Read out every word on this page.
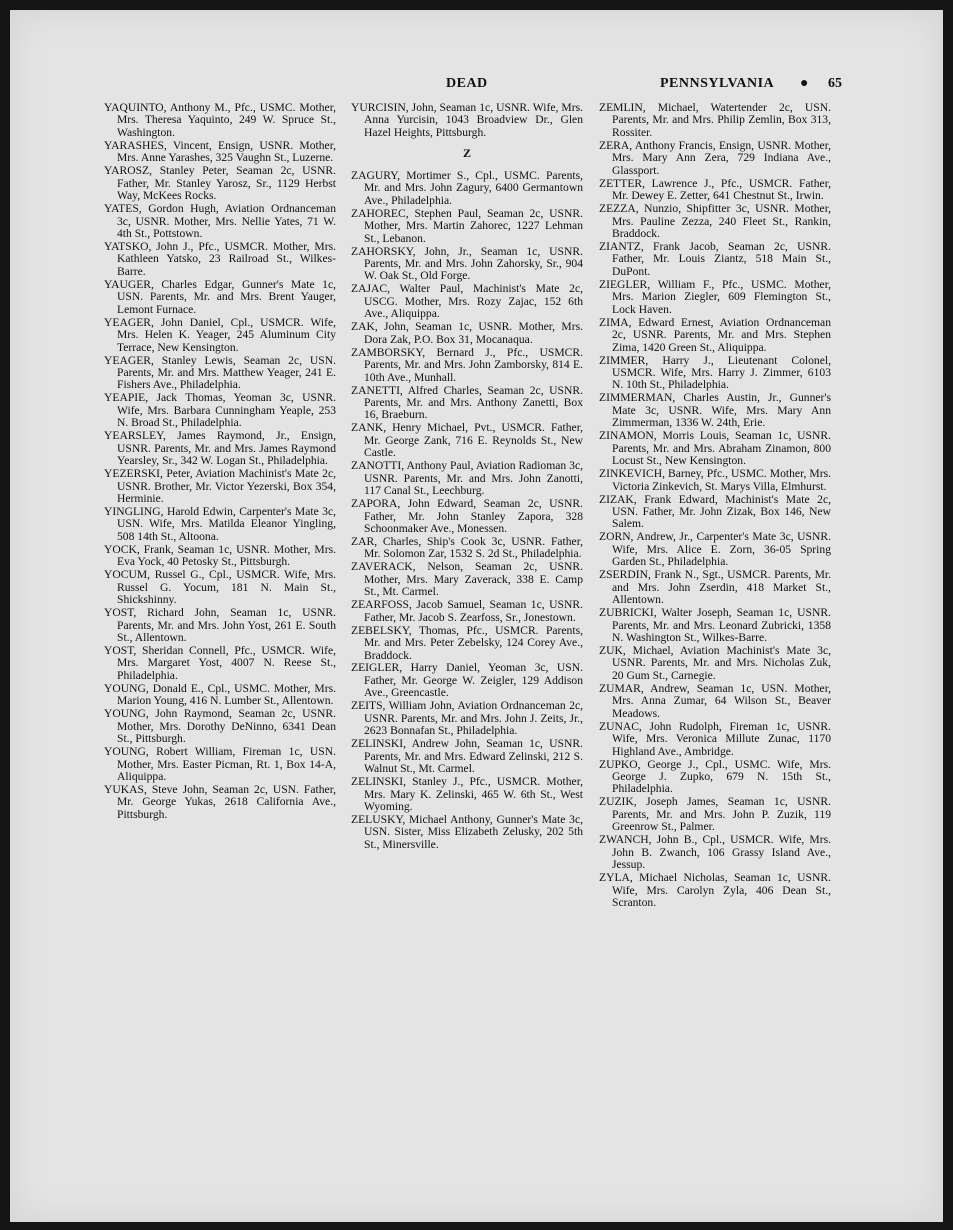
DEAD	PENNSYLVANIA ● 65
YAQUINTO, Anthony M., Pfc., USMC. Mother, Mrs. Theresa Yaquinto, 249 W. Spruce St., Washington.
YARASHES, Vincent, Ensign, USNR. Mother, Mrs. Anne Yarashes, 325 Vaughn St., Luzerne.
YAROSZ, Stanley Peter, Seaman 2c, USNR. Father, Mr. Stanley Yarosz, Sr., 1129 Herbst Way, McKees Rocks.
YATES, Gordon Hugh, Aviation Ordnanceman 3c, USNR. Mother, Mrs. Nellie Yates, 71 W. 4th St., Pottstown.
YATSKO, John J., Pfc., USMCR. Mother, Mrs. Kathleen Yatsko, 23 Railroad St., Wilkes-Barre.
YAUGER, Charles Edgar, Gunner's Mate 1c, USN. Parents, Mr. and Mrs. Brent Yauger, Lemont Furnace.
YEAGER, John Daniel, Cpl., USMCR. Wife, Mrs. Helen K. Yeager, 245 Aluminum City Terrace, New Kensington.
YEAGER, Stanley Lewis, Seaman 2c, USN. Parents, Mr. and Mrs. Matthew Yeager, 241 E. Fishers Ave., Philadelphia.
YEAPIE, Jack Thomas, Yeoman 3c, USNR. Wife, Mrs. Barbara Cunningham Yeaple, 253 N. Broad St., Philadelphia.
YEARSLEY, James Raymond, Jr., Ensign, USNR. Parents, Mr. and Mrs. James Raymond Yearsley, Sr., 342 W. Logan St., Philadelphia.
YEZERSKI, Peter, Aviation Machinist's Mate 2c, USNR. Brother, Mr. Victor Yezerski, Box 354, Herminie.
YINGLING, Harold Edwin, Carpenter's Mate 3c, USN. Wife, Mrs. Matilda Eleanor Yingling, 508 14th St., Altoona.
YOCK, Frank, Seaman 1c, USNR. Mother, Mrs. Eva Yock, 40 Petosky St., Pittsburgh.
YOCUM, Russel G., Cpl., USMCR. Wife, Mrs. Russel G. Yocum, 181 N. Main St., Shickshinny.
YOST, Richard John, Seaman 1c, USNR. Parents, Mr. and Mrs. John Yost, 261 E. South St., Allentown.
YOST, Sheridan Connell, Pfc., USMCR. Wife, Mrs. Margaret Yost, 4007 N. Reese St., Philadelphia.
YOUNG, Donald E., Cpl., USMC. Mother, Mrs. Marion Young, 416 N. Lumber St., Allentown.
YOUNG, John Raymond, Seaman 2c, USNR. Mother, Mrs. Dorothy DeNinno, 6341 Dean St., Pittsburgh.
YOUNG, Robert William, Fireman 1c, USN. Mother, Mrs. Easter Picman, Rt. 1, Box 14-A, Aliquippa.
YUKAS, Steve John, Seaman 2c, USN. Father, Mr. George Yukas, 2618 California Ave., Pittsburgh.
YURCISIN, John, Seaman 1c, USNR. Wife, Mrs. Anna Yurcisin, 1043 Broadview Dr., Glen Hazel Heights, Pittsburgh.
Z
ZAGURY, Mortimer S., Cpl., USMC. Parents, Mr. and Mrs. John Zagury, 6400 Germantown Ave., Philadelphia.
ZAHOREC, Stephen Paul, Seaman 2c, USNR. Mother, Mrs. Martin Zahorec, 1227 Lehman St., Lebanon.
ZAHORSKY, John, Jr., Seaman 1c, USNR. Parents, Mr. and Mrs. John Zahorsky, Sr., 904 W. Oak St., Old Forge.
ZAJAC, Walter Paul, Machinist's Mate 2c, USCG. Mother, Mrs. Rozy Zajac, 152 6th Ave., Aliquippa.
ZAK, John, Seaman 1c, USNR. Mother, Mrs. Dora Zak, P.O. Box 31, Mocanaqua.
ZAMBORSKY, Bernard J., Pfc., USMCR. Parents, Mr. and Mrs. John Zamborsky, 814 E. 10th Ave., Munhall.
ZANETTI, Alfred Charles, Seaman 2c, USNR. Parents, Mr. and Mrs. Anthony Zanetti, Box 16, Braeburn.
ZANK, Henry Michael, Pvt., USMCR. Father, Mr. George Zank, 716 E. Reynolds St., New Castle.
ZANOTTI, Anthony Paul, Aviation Radioman 3c, USNR. Parents, Mr. and Mrs. John Zanotti, 117 Canal St., Leechburg.
ZAPORA, John Edward, Seaman 2c, USNR. Father, Mr. John Stanley Zapora, 328 Schoonmaker Ave., Monessen.
ZAR, Charles, Ship's Cook 3c, USNR. Father, Mr. Solomon Zar, 1532 S. 2d St., Philadelphia.
ZAVERACK, Nelson, Seaman 2c, USNR. Mother, Mrs. Mary Zaverack, 338 E. Camp St., Mt. Carmel.
ZEARFOSS, Jacob Samuel, Seaman 1c, USNR. Father, Mr. Jacob S. Zearfoss, Sr., Jonestown.
ZEBELSKY, Thomas, Pfc., USMCR. Parents, Mr. and Mrs. Peter Zebelsky, 124 Corey Ave., Braddock.
ZEIGLER, Harry Daniel, Yeoman 3c, USN. Father, Mr. George W. Zeigler, 129 Addison Ave., Greencastle.
ZEITS, William John, Aviation Ordnanceman 2c, USNR. Parents, Mr. and Mrs. John J. Zeits, Jr., 2623 Bonnafan St., Philadelphia.
ZELINSKI, Andrew John, Seaman 1c, USNR. Parents, Mr. and Mrs. Edward Zelinski, 212 S. Walnut St., Mt. Carmel.
ZELINSKI, Stanley J., Pfc., USMCR. Mother, Mrs. Mary K. Zelinski, 465 W. 6th St., West Wyoming.
ZELUSKY, Michael Anthony, Gunner's Mate 3c, USN. Sister, Miss Elizabeth Zelusky, 202 5th St., Minersville.
ZEMLIN, Michael, Watertender 2c, USN. Parents, Mr. and Mrs. Philip Zemlin, Box 313, Rossiter.
ZERA, Anthony Francis, Ensign, USNR. Mother, Mrs. Mary Ann Zera, 729 Indiana Ave., Glassport.
ZETTER, Lawrence J., Pfc., USMCR. Father, Mr. Dewey E. Zetter, 641 Chestnut St., Irwin.
ZEZZA, Nunzio, Shipfitter 3c, USNR. Mother, Mrs. Pauline Zezza, 240 Fleet St., Rankin, Braddock.
ZIANTZ, Frank Jacob, Seaman 2c, USNR. Father, Mr. Louis Ziantz, 518 Main St., DuPont.
ZIEGLER, William F., Pfc., USMC. Mother, Mrs. Marion Ziegler, 609 Flemington St., Lock Haven.
ZIMA, Edward Ernest, Aviation Ordnanceman 2c, USNR. Parents, Mr. and Mrs. Stephen Zima, 1420 Green St., Aliquippa.
ZIMMER, Harry J., Lieutenant Colonel, USMCR. Wife, Mrs. Harry J. Zimmer, 6103 N. 10th St., Philadelphia.
ZIMMERMAN, Charles Austin, Jr., Gunner's Mate 3c, USNR. Wife, Mrs. Mary Ann Zimmerman, 1336 W. 24th, Erie.
ZINAMON, Morris Louis, Seaman 1c, USNR. Parents, Mr. and Mrs. Abraham Zinamon, 800 Locust St., New Kensington.
ZINKEVICH, Barney, Pfc., USMC. Mother, Mrs. Victoria Zinkevich, St. Marys Villa, Elmhurst.
ZIZAK, Frank Edward, Machinist's Mate 2c, USN. Father, Mr. John Zizak, Box 146, New Salem.
ZORN, Andrew, Jr., Carpenter's Mate 3c, USNR. Wife, Mrs. Alice E. Zorn, 36-05 Spring Garden St., Philadelphia.
ZSERDIN, Frank N., Sgt., USMCR. Parents, Mr. and Mrs. John Zserdin, 418 Market St., Allentown.
ZUBRICKI, Walter Joseph, Seaman 1c, USNR. Parents, Mr. and Mrs. Leonard Zubricki, 1358 N. Washington St., Wilkes-Barre.
ZUK, Michael, Aviation Machinist's Mate 3c, USNR. Parents, Mr. and Mrs. Nicholas Zuk, 20 Gum St., Carnegie.
ZUMAR, Andrew, Seaman 1c, USN. Mother, Mrs. Anna Zumar, 64 Wilson St., Beaver Meadows.
ZUNAC, John Rudolph, Fireman 1c, USNR. Wife, Mrs. Veronica Millute Zunac, 1170 Highland Ave., Ambridge.
ZUPKO, George J., Cpl., USMC. Wife, Mrs. George J. Zupko, 679 N. 15th St., Philadelphia.
ZUZIK, Joseph James, Seaman 1c, USNR. Parents, Mr. and Mrs. John P. Zuzik, 119 Greenrow St., Palmer.
ZWANCH, John B., Cpl., USMCR. Wife, Mrs. John B. Zwanch, 106 Grassy Island Ave., Jessup.
ZYLA, Michael Nicholas, Seaman 1c, USNR. Wife, Mrs. Carolyn Zyla, 406 Dean St., Scranton.
